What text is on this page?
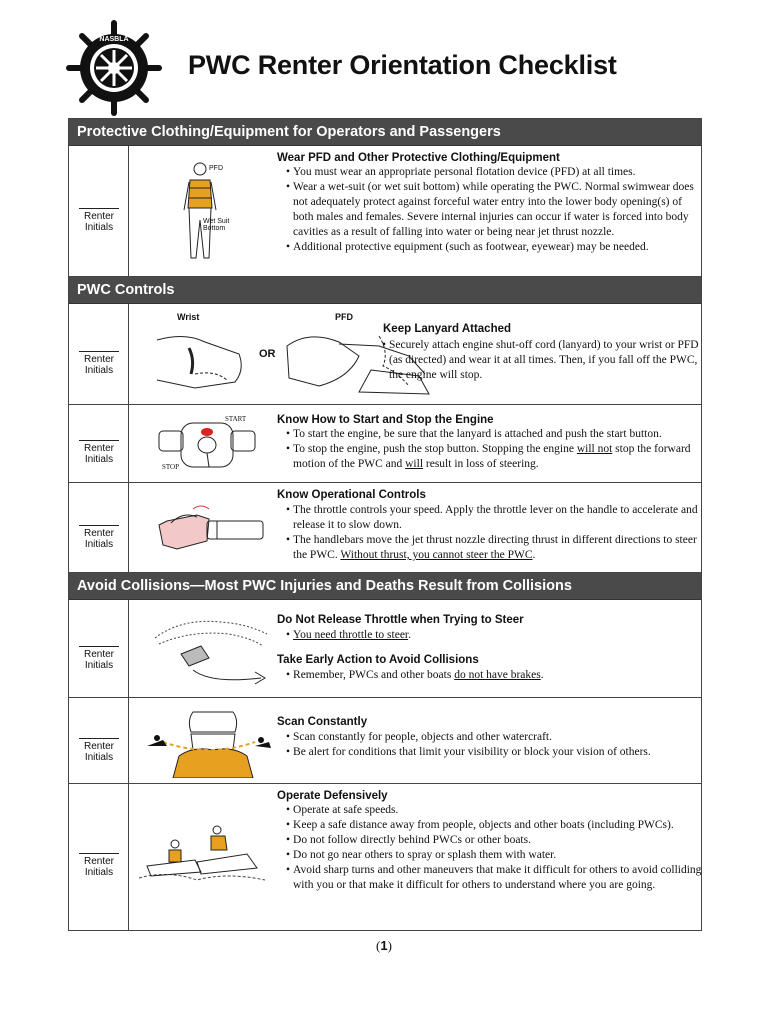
NASBLA
PWC Renter Orientation Checklist
Protective Clothing/Equipment for Operators and Passengers
Renter
Initials
PFD
Wet Suit
Bottom
Wear PFD and Other Protective Clothing/Equipment
• You must wear an appropriate personal flotation device (PFD) at all times.
• Wear a wet-suit (or wet suit bottom) while operating the PWC. Normal swimwear does not adequately protect against forceful water entry into the lower body opening(s) of both males and females. Severe internal injuries can occur if water is forced into body cavities as a result of falling into water or being near jet thrust nozzle.
• Additional protective equipment (such as footwear, eyewear) may be needed.
PWC Controls
Renter
Initials
Wrist	PFD
OR
Keep Lanyard Attached
• Securely attach engine shut-off cord (lanyard) to your wrist or PFD (as directed) and wear it at all times. Then, if you fall off the PWC, the engine will stop.
Renter
Initials
START
STOP
Know How to Start and Stop the Engine
• To start the engine, be sure that the lanyard is attached and push the start button.
• To stop the engine, push the stop button. Stopping the engine will not stop the forward motion of the PWC and will result in loss of steering.
Renter
Initials
Know Operational Controls
• The throttle controls your speed. Apply the throttle lever on the handle to accelerate and release it to slow down.
• The handlebars move the jet thrust nozzle directing thrust in different directions to steer the PWC. Without thrust, you cannot steer the PWC.
Avoid Collisions—Most PWC Injuries and Deaths Result from Collisions
Renter
Initials
Do Not Release Throttle when Trying to Steer
• You need throttle to steer.
Take Early Action to Avoid Collisions
• Remember, PWCs and other boats do not have brakes.
Renter
Initials
Scan Constantly
• Scan constantly for people, objects and other watercraft.
• Be alert for conditions that limit your visibility or block your vision of others.
Renter
Initials
Operate Defensively
• Operate at safe speeds.
• Keep a safe distance away from people, objects and other boats (including PWCs).
• Do not follow directly behind PWCs or other boats.
• Do not go near others to spray or splash them with water.
• Avoid sharp turns and other maneuvers that make it difficult for others to avoid colliding with you or that make it difficult for others to understand where you are going.
(1)
